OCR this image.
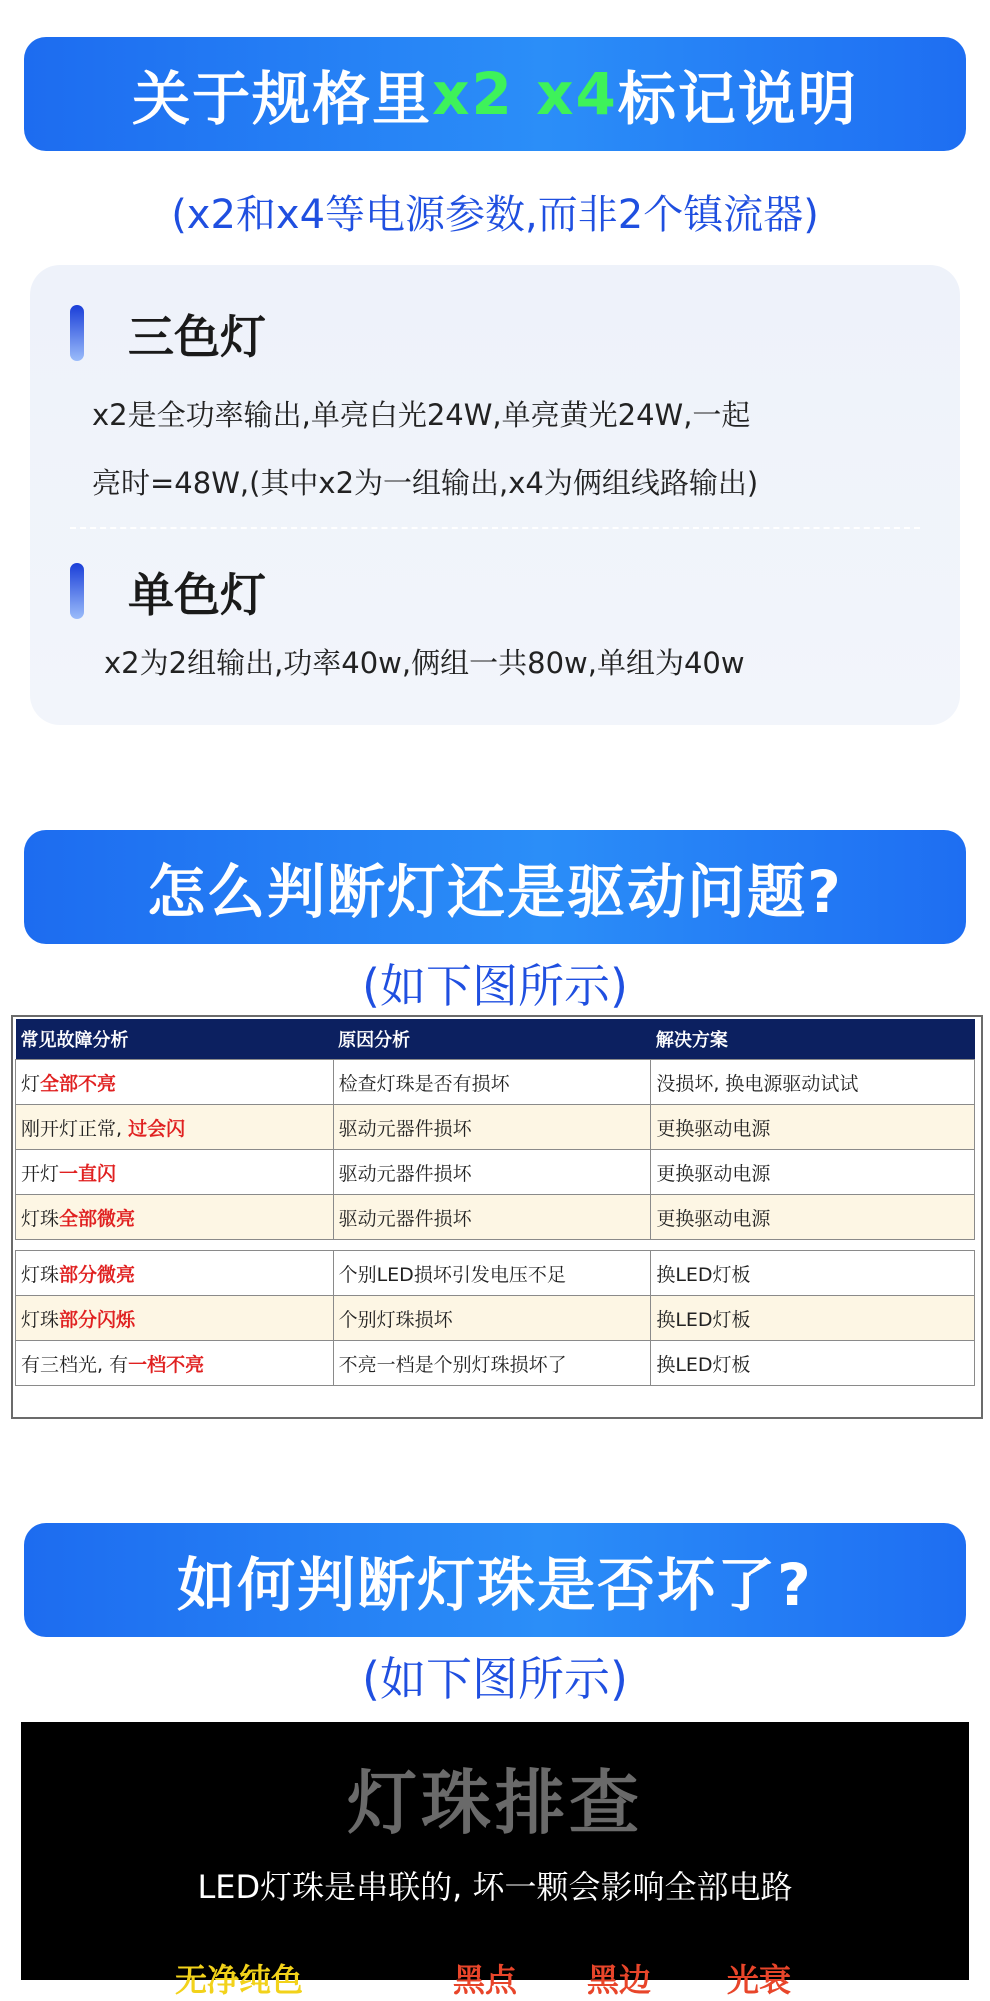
关于规格里 x2 x4 标记说明
(x2和x4等电源参数,而非2个镇流器)
三色灯
x2是全功率输出,单亮白光24W,单亮黄光24W,一起
亮时=48W,(其中x2为一组输出,x4为俩组线路输出)
单色灯
x2为2组输出,功率40w,俩组一共80w,单组为40w
怎么判断灯还是驱动问题?
(如下图所示)
常见故障分析	原因分析	解决方案
灯全部不亮	检查灯珠是否有损坏	没损坏, 换电源驱动试试
刚开灯正常, 过会闪	驱动元器件损坏	更换驱动电源
开灯一直闪	驱动元器件损坏	更换驱动电源
灯珠全部微亮	驱动元器件损坏	更换驱动电源

灯珠部分微亮	个别LED损坏引发电压不足	换LED灯板
灯珠部分闪烁	个别灯珠损坏	换LED灯板
有三档光, 有一档不亮	不亮一档是个别灯珠损坏了	换LED灯板
如何判断灯珠是否坏了?
(如下图所示)
灯珠排查
LED灯珠是串联的, 坏一颗会影响全部电路
无净纯色	黑点 黑边 光衰
